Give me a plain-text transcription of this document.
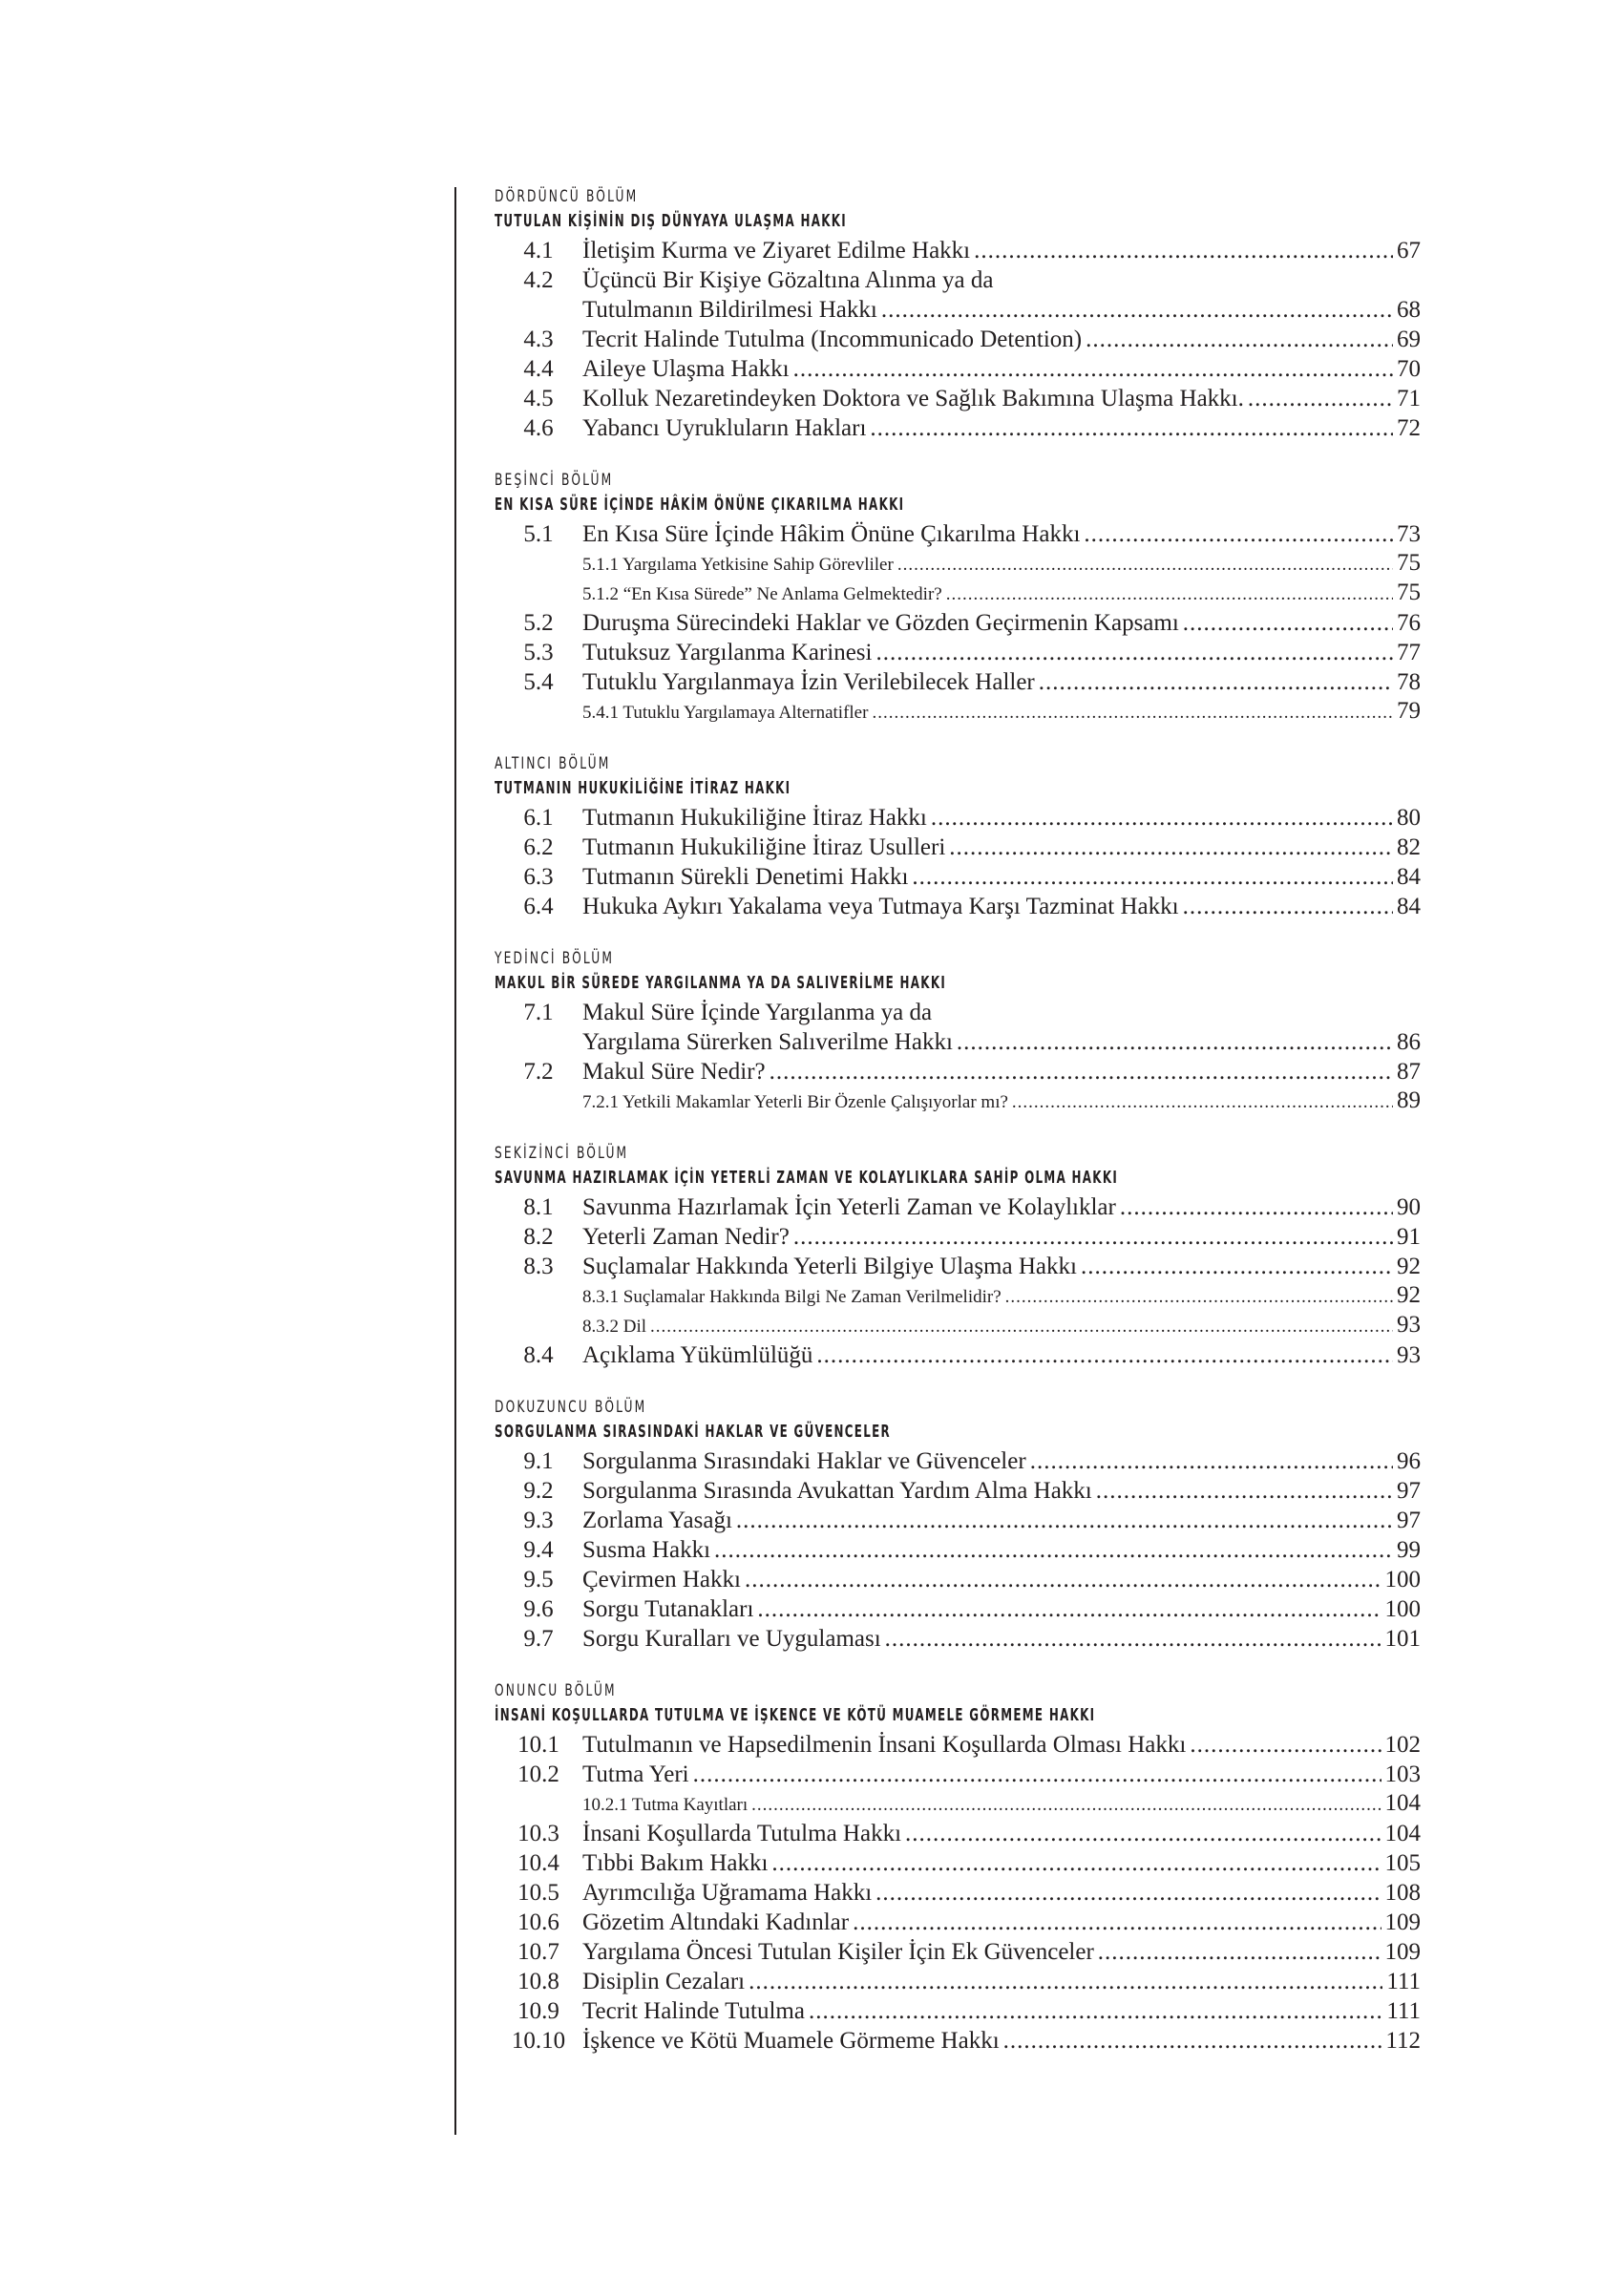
DÖRDÜNCÜ BÖLÜM
TUTULAN KİŞİNİN DIŞ DÜNYAYA ULAŞMA HAKKI
4.1	İletişim Kurma ve Ziyaret Edilme Hakkı .....	67
4.2	Üçüncü Bir Kişiye Gözaltına Alınma ya da
Tutulmanın Bildirilmesi Hakkı .....	68
4.3	Tecrit Halinde Tutulma (Incommunicado Detention) .....	69
4.4	Aileye Ulaşma Hakkı .....	70
4.5	Kolluk Nezaretindeyken Doktora ve Sağlık Bakımına Ulaşma Hakkı. .....	71
4.6	Yabancı Uyrukluların Hakları .....	72
BEŞİNCİ BÖLÜM
EN KISA SÜRE İÇİNDE HÂKİM ÖNÜNE ÇIKARILMA HAKKI
5.1	En Kısa Süre İçinde Hâkim Önüne Çıkarılma Hakkı .....	73
5.1.1 Yargılama Yetkisine Sahip Görevliler .....	75
5.1.2 “En Kısa Sürede” Ne Anlama Gelmektedir? .....	75
5.2	Duruşma Sürecindeki Haklar ve Gözden Geçirmenin Kapsamı .....	76
5.3	Tutuksuz Yargılanma Karinesi .....	77
5.4	Tutuklu Yargılanmaya İzin Verilebilecek Haller .....	78
5.4.1 Tutuklu Yargılamaya Alternatifler .....	79
ALTINCI BÖLÜM
TUTMANIN HUKUKİLİĞİNE İTİRAZ HAKKI
6.1	Tutmanın Hukukiliğine İtiraz Hakkı .....	80
6.2	Tutmanın Hukukiliğine İtiraz Usulleri .....	82
6.3	Tutmanın Sürekli Denetimi Hakkı .....	84
6.4	Hukuka Aykırı Yakalama veya Tutmaya Karşı Tazminat Hakkı .....	84
YEDİNCİ BÖLÜM
MAKUL BİR SÜREDE YARGILANMA YA DA SALIVERİLME HAKKI
7.1	Makul Süre İçinde Yargılanma ya da
Yargılama Sürerken Salıverilme Hakkı .....	86
7.2	Makul Süre Nedir? .....	87
7.2.1 Yetkili Makamlar Yeterli Bir Özenle Çalışıyorlar mı? .....	89
SEKİZİNCİ BÖLÜM
SAVUNMA HAZIRLAMAK İÇİN YETERLİ ZAMAN VE KOLAYLIKLARA SAHİP OLMA HAKKI
8.1	Savunma Hazırlamak İçin Yeterli Zaman ve Kolaylıklar .....	90
8.2	Yeterli Zaman Nedir? .....	91
8.3	Suçlamalar Hakkında Yeterli Bilgiye Ulaşma Hakkı .....	92
8.3.1 Suçlamalar Hakkında Bilgi Ne Zaman Verilmelidir? .....	92
8.3.2 Dil .....	93
8.4	Açıklama Yükümlülüğü .....	93
DOKUZUNCU BÖLÜM
SORGULANMA SIRASINDAKİ HAKLAR VE GÜVENCELER
9.1	Sorgulanma Sırasındaki Haklar ve Güvenceler .....	96
9.2	Sorgulanma Sırasında Avukattan Yardım Alma Hakkı .....	97
9.3	Zorlama Yasağı .....	97
9.4	Susma Hakkı .....	99
9.5	Çevirmen Hakkı .....	100
9.6	Sorgu Tutanakları .....	100
9.7	Sorgu Kuralları ve Uygulaması .....	101
ONUNCU BÖLÜM
İNSANİ KOŞULLARDA TUTULMA VE İŞKENCE VE KÖTÜ MUAMELE GÖRMEME HAKKI
10.1 Tutulmanın ve Hapsedilmenin İnsani Koşullarda Olması Hakkı .....	102
10.2 Tutma Yeri .....	103
10.2.1 Tutma Kayıtları .....	104
10.3 İnsani Koşullarda Tutulma Hakkı .....	104
10.4 Tıbbi Bakım Hakkı .....	105
10.5 Ayrımcılığa Uğramama Hakkı .....	108
10.6 Gözetim Altındaki Kadınlar .....	109
10.7 Yargılama Öncesi Tutulan Kişiler İçin Ek Güvenceler .....	109
10.8 Disiplin Cezaları .....	111
10.9 Tecrit Halinde Tutulma .....	111
10.10 İşkence ve Kötü Muamele Görmeme Hakkı .....	112
